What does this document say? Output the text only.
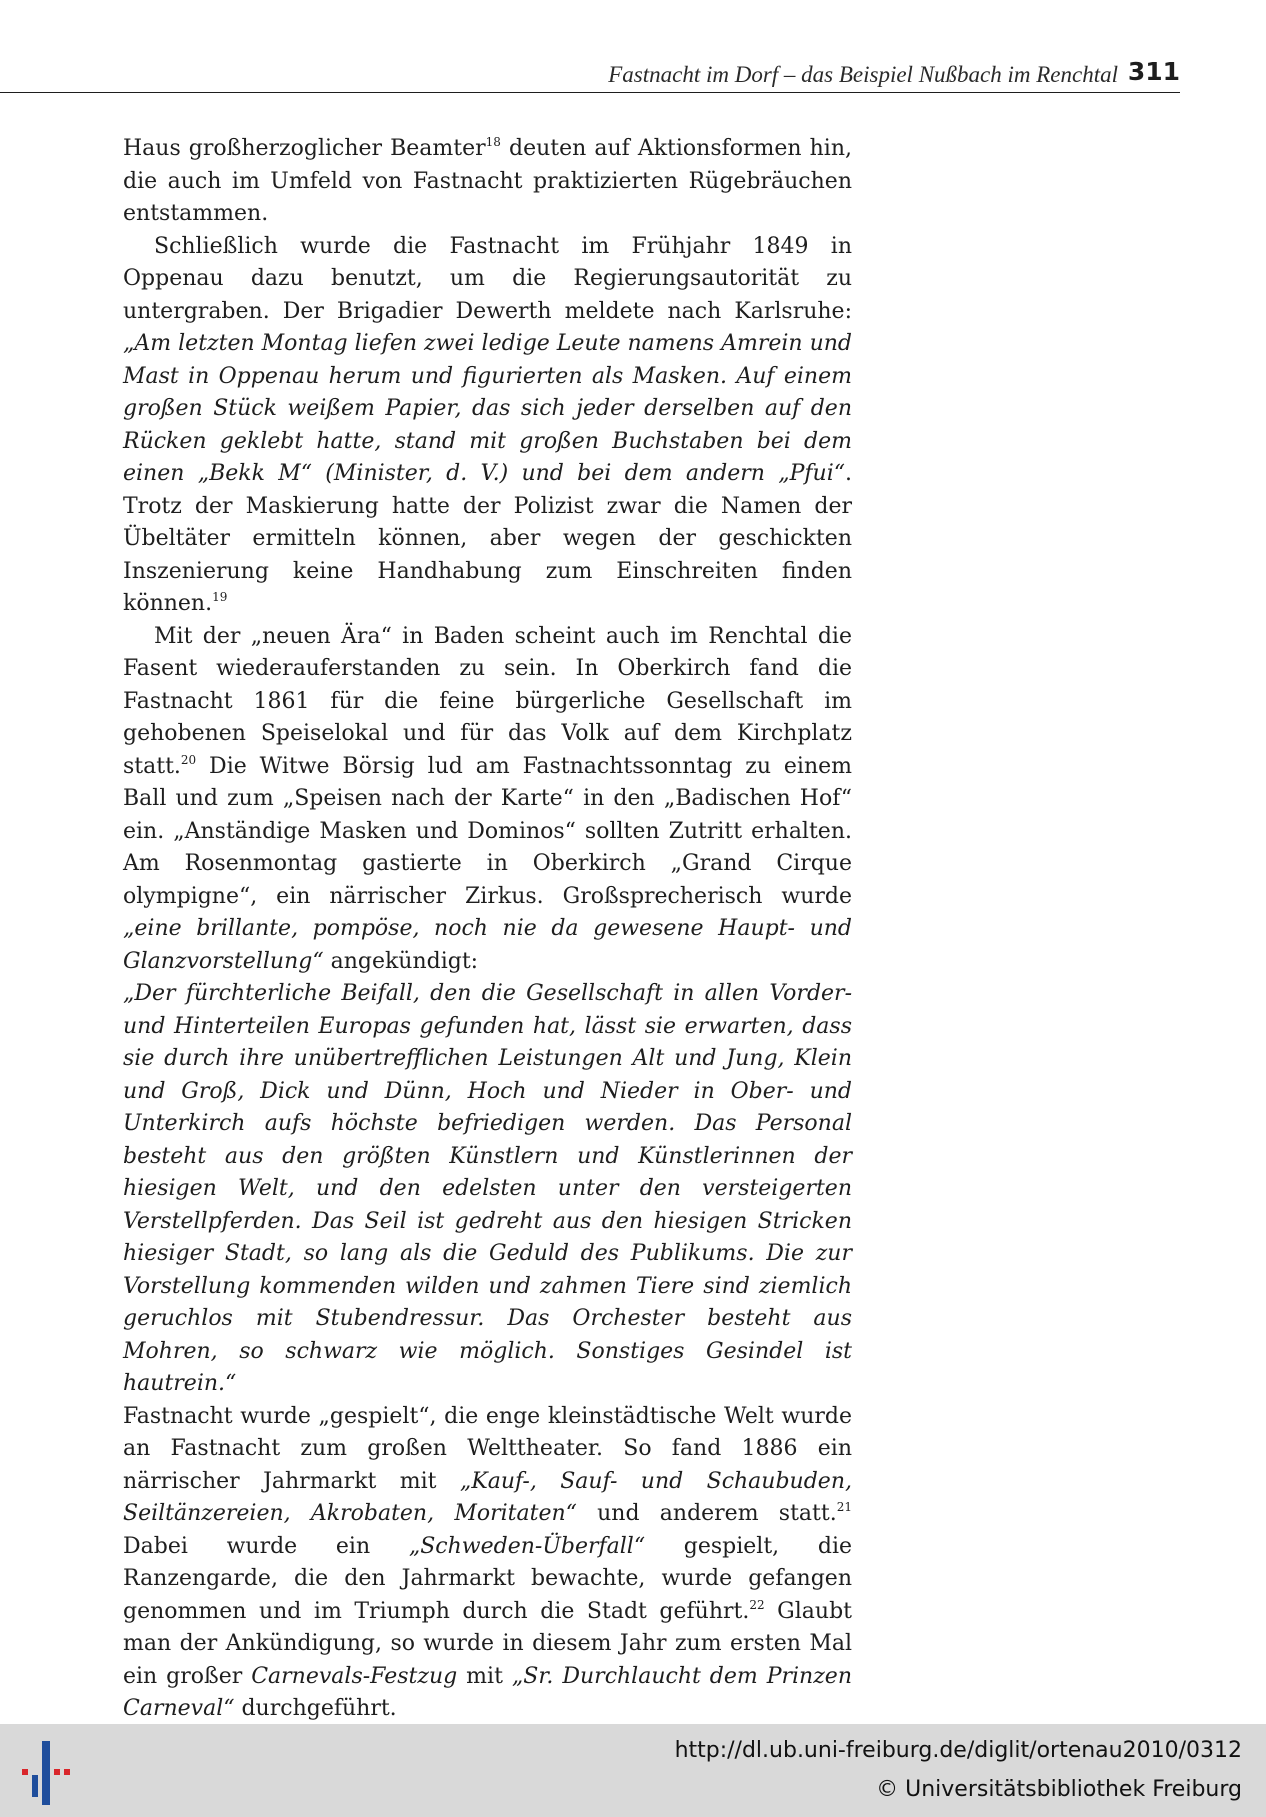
Fastnacht im Dorf – das Beispiel Nußbach im Renchtal 311

Haus großherzoglicher Beamter$^{18}$ deuten auf Aktionsformen hin, die auch im Umfeld von Fastnacht praktizierten Rügebräuchen entstammen.

Schließlich wurde die Fastnacht im Frühjahr 1849 in Oppenau dazu benutzt, um die Regierungsautorität zu untergraben. Der Brigadier Dewerth meldete nach Karlsruhe: „Am letzten Montag liefen zwei ledige Leute namens Amrein und Mast in Oppenau herum und figurierten als Masken. Auf einem großen Stück weißem Papier, das sich jeder derselben auf den Rücken geklebt hatte, stand mit großen Buchstaben bei dem einen „Bekk M“ (Minister, d. V.) und bei dem andern „Pfui“. Trotz der Maskierung hatte der Polizist zwar die Namen der Übeltäter ermitteln können, aber wegen der geschickten Inszenierung keine Handhabung zum Einschreiten finden können.$^{19}$

Mit der „neuen Ära“ in Baden scheint auch im Renchtal die Fasent wiederauferstanden zu sein. In Oberkirch fand die Fastnacht 1861 für die feine bürgerliche Gesellschaft im gehobenen Speiselokal und für das Volk auf dem Kirchplatz statt.$^{20}$ Die Witwe Börsig lud am Fastnachtssonntag zu einem Ball und zum „Speisen nach der Karte“ in den „Badischen Hof“ ein. „Anständige Masken und Dominos“ sollten Zutritt erhalten. Am Rosenmontag gastierte in Oberkirch „Grand Cirque olympigne“, ein närrischer Zirkus. Großsprecherisch wurde „eine brillante, pompöse, noch nie da gewesene Haupt- und Glanzvorstellung“ angekündigt:

„Der fürchterliche Beifall, den die Gesellschaft in allen Vorder- und Hinterteilen Europas gefunden hat, lässt sie erwarten, dass sie durch ihre unübertrefflichen Leistungen Alt und Jung, Klein und Groß, Dick und Dünn, Hoch und Nieder in Ober- und Unterkirch aufs höchste befriedigen werden. Das Personal besteht aus den größten Künstlern und Künstlerinnen der hiesigen Welt, und den edelsten unter den versteigerten Verstellpferden. Das Seil ist gedreht aus den hiesigen Stricken hiesiger Stadt, so lang als die Geduld des Publikums. Die zur Vorstellung kommenden wilden und zahmen Tiere sind ziemlich geruchlos mit Stubendressur. Das Orchester besteht aus Mohren, so schwarz wie möglich. Sonstiges Gesindel ist hautrein.“

Fastnacht wurde „gespielt“, die enge kleinstädtische Welt wurde an Fastnacht zum großen Welttheater. So fand 1886 ein närrischer Jahrmarkt mit „Kauf-, Sauf- und Schaubuden, Seiltänzereien, Akrobaten, Moritaten“ und anderem statt.$^{21}$ Dabei wurde ein „Schweden-Überfall“ gespielt, die Ranzengarde, die den Jahrmarkt bewachte, wurde gefangen genommen und im Triumph durch die Stadt geführt.$^{22}$ Glaubt man der Ankündigung, so wurde in diesem Jahr zum ersten Mal ein großer Carnevals-Festzug mit „Sr. Durchlaucht dem Prinzen Carneval“ durchgeführt.

http://dl.ub.uni-freiburg.de/diglit/ortenau2010/0312
© Universitätsbibliothek Freiburg
